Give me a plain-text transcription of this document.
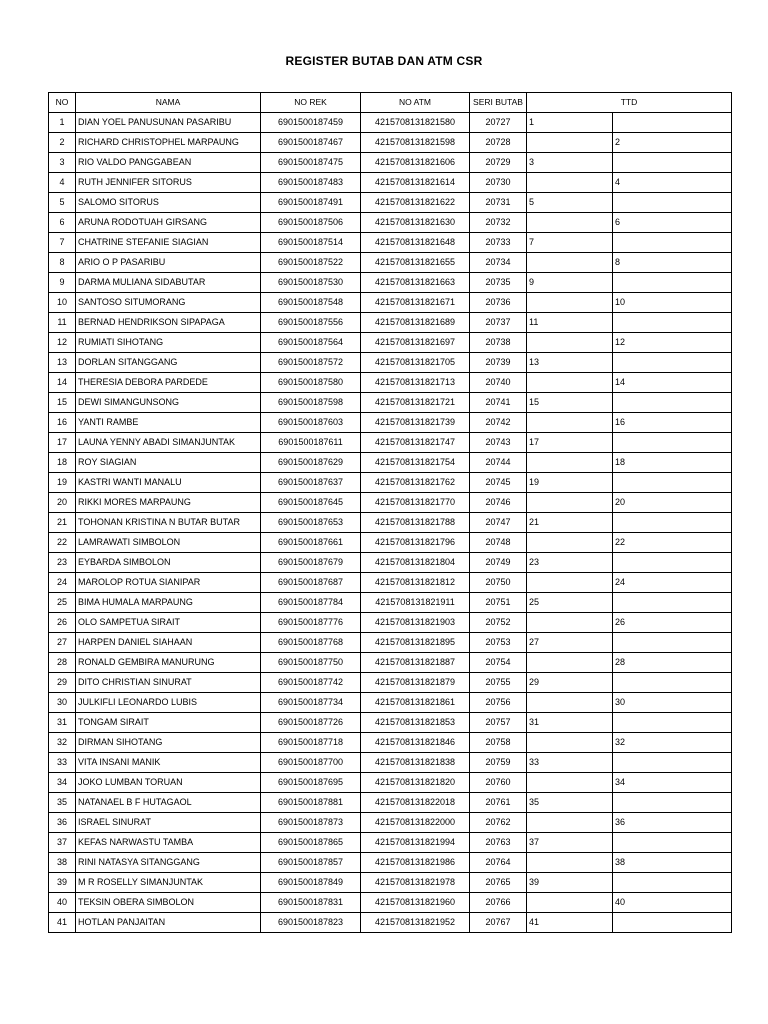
REGISTER BUTAB DAN ATM CSR
NO	NAMA	NO REK	NO ATM	SERI BUTAB	TTD	
1	DIAN YOEL PANUSUNAN PASARIBU	6901500187459	4215708131821580	20727	1	
2	RICHARD CHRISTOPHEL MARPAUNG	6901500187467	4215708131821598	20728		2
3	RIO VALDO PANGGABEAN	6901500187475	4215708131821606	20729	3	
4	RUTH JENNIFER SITORUS	6901500187483	4215708131821614	20730		4
5	SALOMO SITORUS	6901500187491	4215708131821622	20731	5	
6	ARUNA RODOTUAH GIRSANG	6901500187506	4215708131821630	20732		6
7	CHATRINE STEFANIE SIAGIAN	6901500187514	4215708131821648	20733	7	
8	ARIO O P PASARIBU	6901500187522	4215708131821655	20734		8
9	DARMA MULIANA SIDABUTAR	6901500187530	4215708131821663	20735	9	
10	SANTOSO SITUMORANG	6901500187548	4215708131821671	20736		10
11	BERNAD HENDRIKSON SIPAPAGA	6901500187556	4215708131821689	20737	11	
12	RUMIATI SIHOTANG	6901500187564	4215708131821697	20738		12
13	DORLAN SITANGGANG	6901500187572	4215708131821705	20739	13	
14	THERESIA DEBORA PARDEDE	6901500187580	4215708131821713	20740		14
15	DEWI SIMANGUNSONG	6901500187598	4215708131821721	20741	15	
16	YANTI RAMBE	6901500187603	4215708131821739	20742		16
17	LAUNA YENNY ABADI SIMANJUNTAK	6901500187611	4215708131821747	20743	17	
18	ROY SIAGIAN	6901500187629	4215708131821754	20744		18
19	KASTRI WANTI MANALU	6901500187637	4215708131821762	20745	19	
20	RIKKI MORES MARPAUNG	6901500187645	4215708131821770	20746		20
21	TOHONAN KRISTINA N BUTAR BUTAR	6901500187653	4215708131821788	20747	21	
22	LAMRAWATI SIMBOLON	6901500187661	4215708131821796	20748		22
23	EYBARDA SIMBOLON	6901500187679	4215708131821804	20749	23	
24	MAROLOP ROTUA SIANIPAR	6901500187687	4215708131821812	20750		24
25	BIMA HUMALA MARPAUNG	6901500187784	4215708131821911	20751	25	
26	OLO SAMPETUA SIRAIT	6901500187776	4215708131821903	20752		26
27	HARPEN DANIEL SIAHAAN	6901500187768	4215708131821895	20753	27	
28	RONALD GEMBIRA MANURUNG	6901500187750	4215708131821887	20754		28
29	DITO CHRISTIAN SINURAT	6901500187742	4215708131821879	20755	29	
30	JULKIFLI LEONARDO LUBIS	6901500187734	4215708131821861	20756		30
31	TONGAM SIRAIT	6901500187726	4215708131821853	20757	31	
32	DIRMAN SIHOTANG	6901500187718	4215708131821846	20758		32
33	VITA INSANI MANIK	6901500187700	4215708131821838	20759	33	
34	JOKO LUMBAN TORUAN	6901500187695	4215708131821820	20760		34
35	NATANAEL B F HUTAGAOL	6901500187881	4215708131822018	20761	35	
36	ISRAEL SINURAT	6901500187873	4215708131822000	20762		36
37	KEFAS NARWASTU TAMBA	6901500187865	4215708131821994	20763	37	
38	RINI NATASYA SITANGGANG	6901500187857	4215708131821986	20764		38
39	M R ROSELLY SIMANJUNTAK	6901500187849	4215708131821978	20765	39	
40	TEKSIN OBERA SIMBOLON	6901500187831	4215708131821960	20766		40
41	HOTLAN PANJAITAN	6901500187823	4215708131821952	20767	41	
